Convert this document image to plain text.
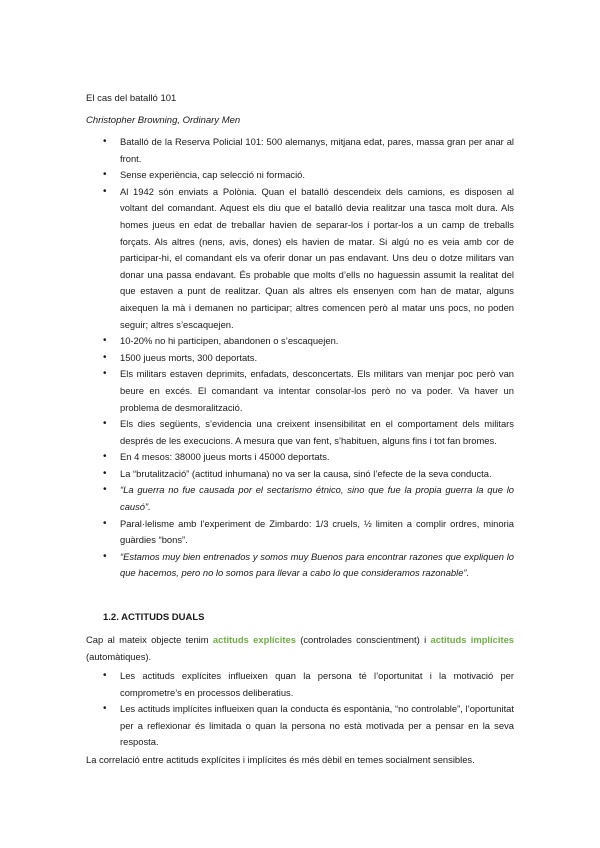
El cas del batalló 101
Christopher Browning, Ordinary Men
• Batalló de la Reserva Policial 101: 500 alemanys, mitjana edat, pares, massa gran per anar al front.
• Sense experiència, cap selecció ni formació.
• Al 1942 són enviats a Polònia. Quan el batalló descendeix dels camions, es disposen al voltant del comandant. Aquest els diu que el batalló devia realitzar una tasca molt dura. Als homes jueus en edat de treballar havien de separar-los i portar-los a un camp de treballs forçats. Als altres (nens, avis, dones) els havien de matar. Si algú no es veia amb cor de participar-hi, el comandant els va oferir donar un pas endavant. Uns deu o dotze militars van donar una passa endavant. És probable que molts d’ells no haguessin assumit la realitat del que estaven a punt de realitzar. Quan als altres els ensenyen com han de matar, alguns aixequen la mà i demanen no participar; altres comencen però al matar uns pocs, no poden seguir; altres s’escaquejen.
• 10-20% no hi participen, abandonen o s’escaquejen.
• 1500 jueus morts, 300 deportats.
• Els militars estaven deprimits, enfadats, desconcertats. Els militars van menjar poc però van beure en excés. El comandant va intentar consolar-los però no va poder. Va haver un problema de desmoralització.
• Els dies següents, s’evidencia una creixent insensibilitat en el comportament dels militars després de les execucions. A mesura que van fent, s’habituen, alguns fins i tot fan bromes.
• En 4 mesos: 38000 jueus morts i 45000 deportats.
• La “brutalització” (actitud inhumana) no va ser la causa, sinó l’efecte de la seva conducta.
• “La guerra no fue causada por el sectarismo étnico, sino que fue la propia guerra la que lo causó”.
• Paral·lelisme amb l’experiment de Zimbardo: 1/3 cruels, ½ limiten a complir ordres, minoria guàrdies “bons”.
• “Estamos muy bien entrenados y somos muy Buenos para encontrar razones que expliquen lo que hacemos, pero no lo somos para llevar a cabo lo que consideramos razonable”.
1.2. ACTITUDS DUALS

Cap al mateix objecte tenim actituds explícites (controlades conscientment) i actituds implícites (automàtiques).

• Les actituds explícites influeixen quan la persona té l’oportunitat i la motivació per comprometre’s en processos deliberatius.
• Les actituds implícites influeixen quan la conducta és espontània, “no controlable”, l’oportunitat per a reflexionar és limitada o quan la persona no està motivada per a pensar en la seva resposta.

La correlació entre actituds explícites i implícites és més dèbil en temes socialment sensibles.
